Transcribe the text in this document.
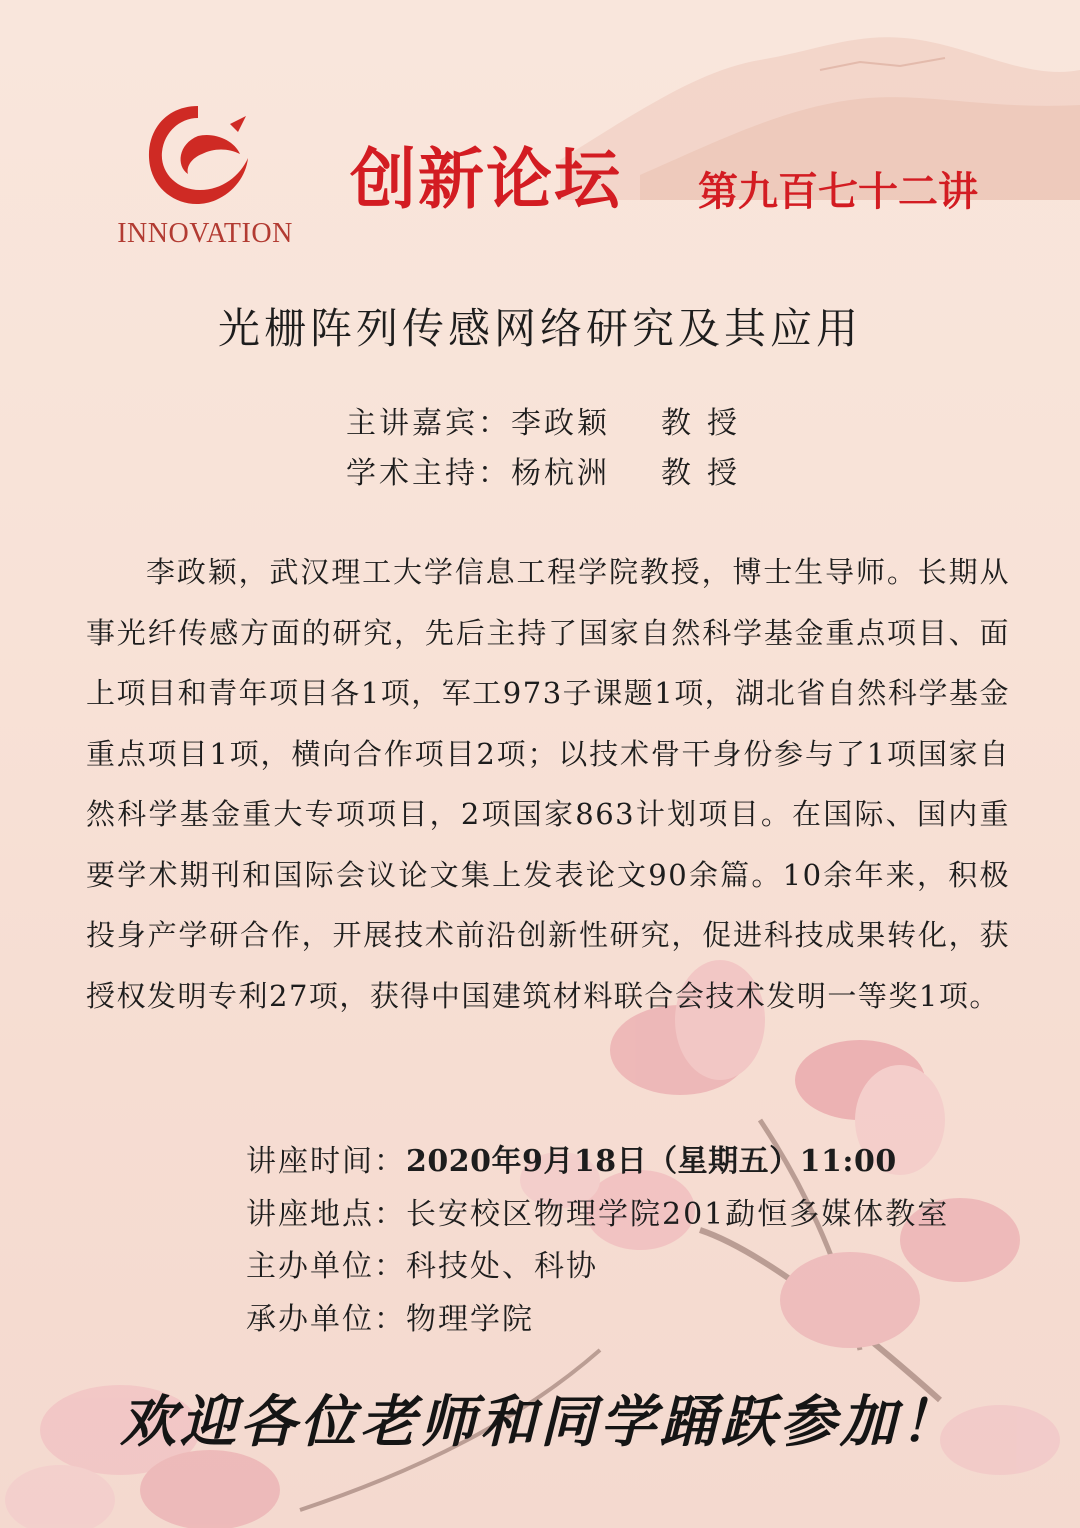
INNOVATION
创新论坛 第九百七十二讲
光栅阵列传感网络研究及其应用
主讲嘉宾：李政颖 教授
学术主持：杨杭洲 教授
李政颖，武汉理工大学信息工程学院教授，博士生导师。长期从事光纤传感方面的研究，先后主持了国家自然科学基金重点项目、面上项目和青年项目各1项，军工973子课题1项，湖北省自然科学基金重点项目1项，横向合作项目2项；以技术骨干身份参与了1项国家自然科学基金重大专项项目，2项国家863计划项目。在国际、国内重要学术期刊和国际会议论文集上发表论文90余篇。10余年来，积极投身产学研合作，开展技术前沿创新性研究，促进科技成果转化，获授权发明专利27项，获得中国建筑材料联合会技术发明一等奖1项。
讲座时间：2020年9月18日（星期五）11:00
讲座地点：长安校区物理学院201勐恒多媒体教室
主办单位：科技处、科协
承办单位：物理学院
欢迎各位老师和同学踊跃参加！
